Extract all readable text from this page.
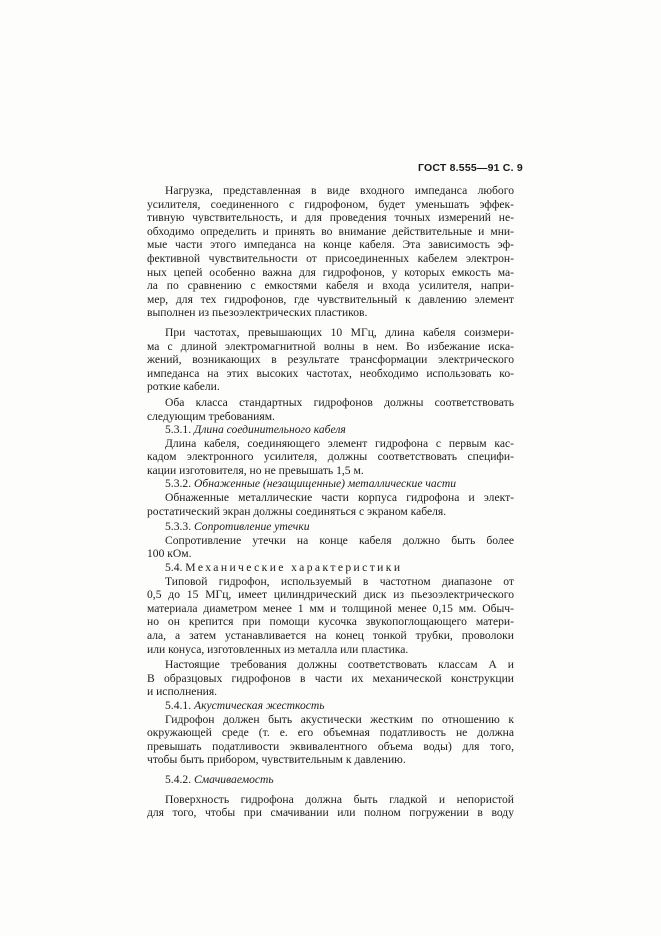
ГОСТ 8.555—91 С. 9
Нагрузка, представленная в виде входного импеданса любого
усилителя, соединенного с гидрофоном, будет уменьшать эффек-
тивную чувствительность, и для проведения точных измерений не-
обходимо определить и принять во внимание действительные и мни-
мые части этого импеданса на конце кабеля. Эта зависимость эф-
фективной чувствительности от присоединенных кабелем электрон-
ных цепей особенно важна для гидрофонов, у которых емкость ма-
ла по сравнению с емкостями кабеля и входа усилителя, напри-
мер, для тех гидрофонов, где чувствительный к давлению элемент
выполнен из пьезоэлектрических пластиков.
При частотах, превышающих 10 МГц, длина кабеля соизмери-
ма с длиной электромагнитной волны в нем. Во избежание иска-
жений, возникающих в результате трансформации электрического
импеданса на этих высоких частотах, необходимо использовать ко-
роткие кабели.
Оба класса стандартных гидрофонов должны соответствовать
следующим требованиям.
5.3.1. Длина соединительного кабеля
Длина кабеля, соединяющего элемент гидрофона с первым кас-
кадом электронного усилителя, должны соответствовать специфи-
кации изготовителя, но не превышать 1,5 м.
5.3.2. Обнаженные (незащищенные) металлические части
Обнаженные металлические части корпуса гидрофона и элект-
ростатический экран должны соединяться с экраном кабеля.
5.3.3. Сопротивление утечки
Сопротивление утечки на конце кабеля должно быть более
100 кОм.
5.4. Механические характеристики
Типовой гидрофон, используемый в частотном диапазоне от
0,5 до 15 МГц, имеет цилиндрический диск из пьезоэлектрического
материала диаметром менее 1 мм и толщиной менее 0,15 мм. Обыч-
но он крепится при помощи кусочка звукопоглощающего матери-
ала, а затем устанавливается на конец тонкой трубки, проволоки
или конуса, изготовленных из металла или пластика.
Настоящие требования должны соответствовать классам А и
В образцовых гидрофонов в части их механической конструкции
и исполнения.
5.4.1. Акустическая жесткость
Гидрофон должен быть акустически жестким по отношению к
окружающей среде (т. е. его объемная податливость не должна
превышать податливости эквивалентного объема воды) для того,
чтобы быть прибором, чувствительным к давлению.
5.4.2. Смачиваемость
Поверхность гидрофона должна быть гладкой и непористой
для того, чтобы при смачивании или полном погружении в воду
